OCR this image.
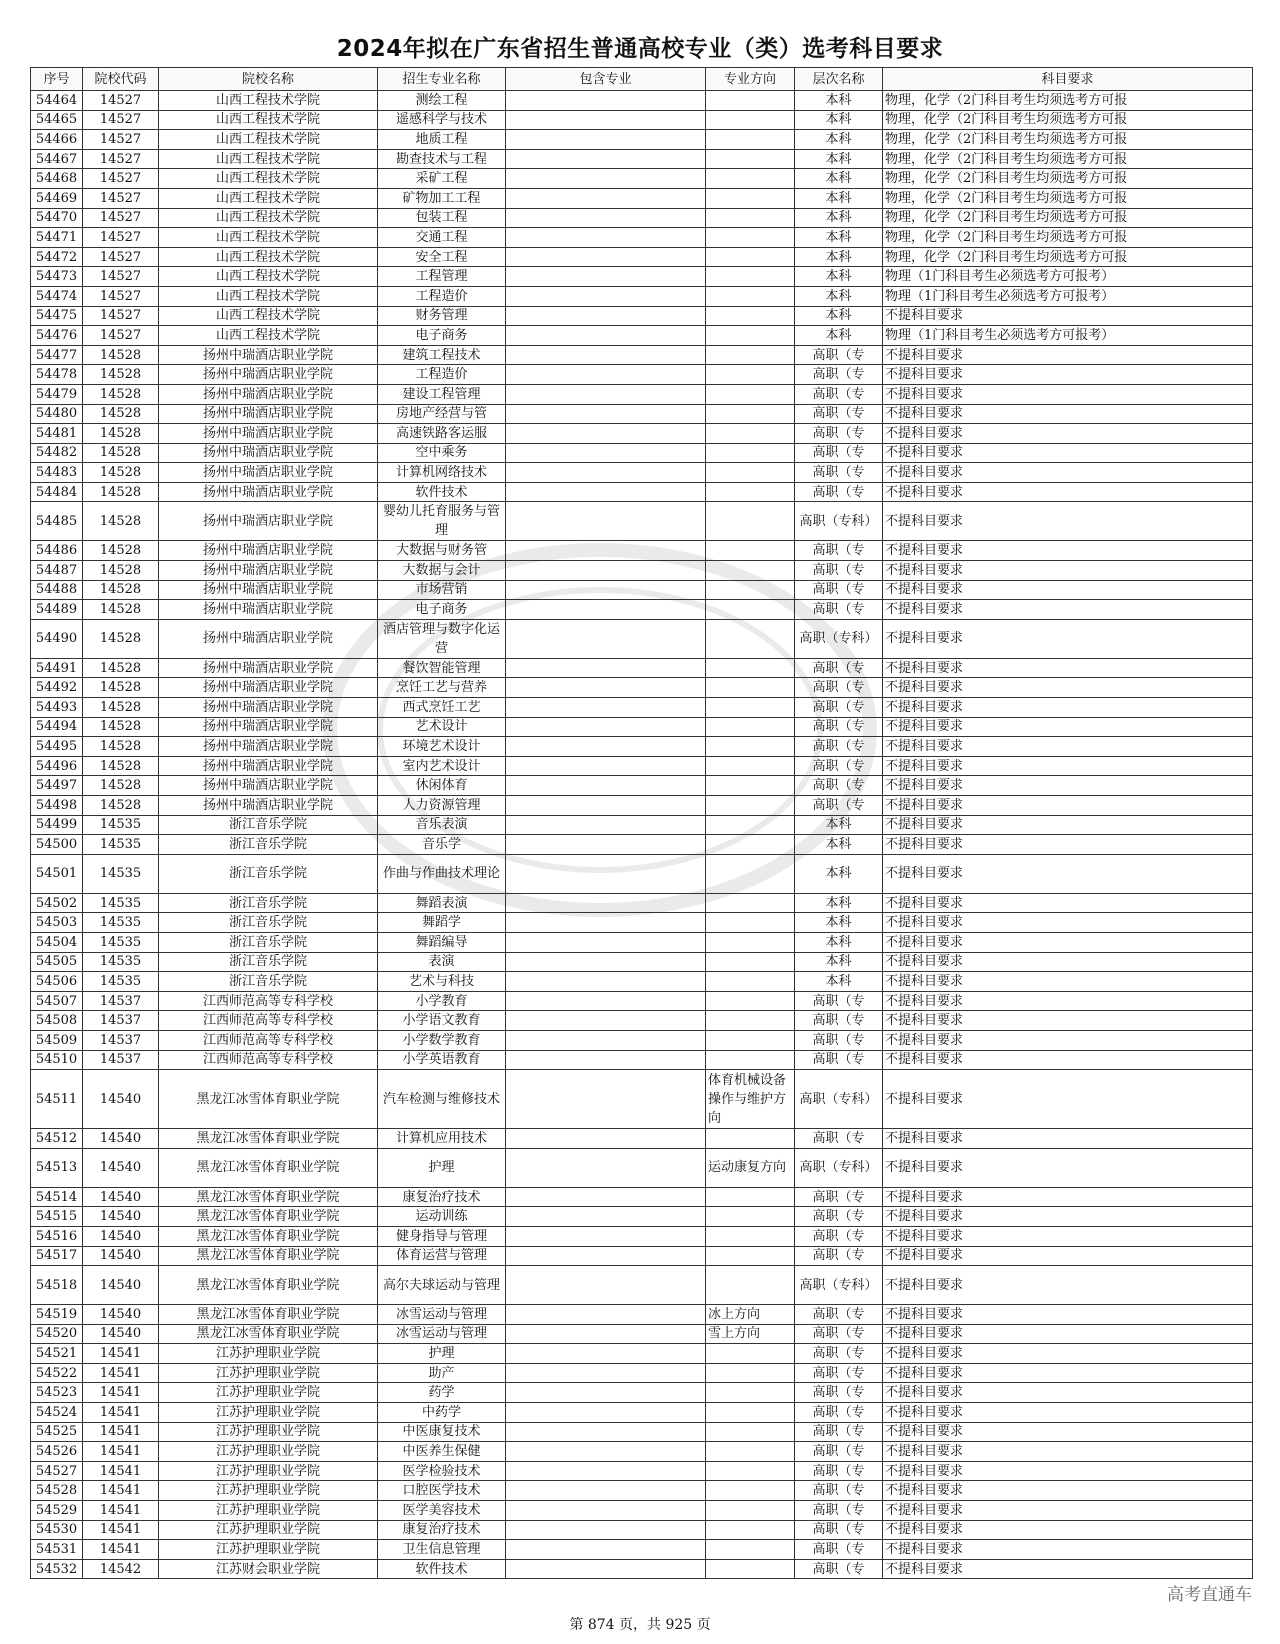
2024年拟在广东省招生普通高校专业（类）选考科目要求
序号	院校代码	院校名称	招生专业名称	包含专业	专业方向	层次名称	科目要求
54464	14527	山西工程技术学院	测绘工程			本科	物理，化学（2门科目考生均须选考方可报
54465	14527	山西工程技术学院	遥感科学与技术			本科	物理，化学（2门科目考生均须选考方可报
54466	14527	山西工程技术学院	地质工程			本科	物理，化学（2门科目考生均须选考方可报
54467	14527	山西工程技术学院	勘查技术与工程			本科	物理，化学（2门科目考生均须选考方可报
54468	14527	山西工程技术学院	采矿工程			本科	物理，化学（2门科目考生均须选考方可报
54469	14527	山西工程技术学院	矿物加工工程			本科	物理，化学（2门科目考生均须选考方可报
54470	14527	山西工程技术学院	包装工程			本科	物理，化学（2门科目考生均须选考方可报
54471	14527	山西工程技术学院	交通工程			本科	物理，化学（2门科目考生均须选考方可报
54472	14527	山西工程技术学院	安全工程			本科	物理，化学（2门科目考生均须选考方可报
54473	14527	山西工程技术学院	工程管理			本科	物理（1门科目考生必须选考方可报考）
54474	14527	山西工程技术学院	工程造价			本科	物理（1门科目考生必须选考方可报考）
54475	14527	山西工程技术学院	财务管理			本科	不提科目要求
54476	14527	山西工程技术学院	电子商务			本科	物理（1门科目考生必须选考方可报考）
54477	14528	扬州中瑞酒店职业学院	建筑工程技术			高职（专	不提科目要求
54478	14528	扬州中瑞酒店职业学院	工程造价			高职（专	不提科目要求
54479	14528	扬州中瑞酒店职业学院	建设工程管理			高职（专	不提科目要求
54480	14528	扬州中瑞酒店职业学院	房地产经营与管			高职（专	不提科目要求
54481	14528	扬州中瑞酒店职业学院	高速铁路客运服			高职（专	不提科目要求
54482	14528	扬州中瑞酒店职业学院	空中乘务			高职（专	不提科目要求
54483	14528	扬州中瑞酒店职业学院	计算机网络技术			高职（专	不提科目要求
54484	14528	扬州中瑞酒店职业学院	软件技术			高职（专	不提科目要求
54485	14528	扬州中瑞酒店职业学院	婴幼儿托育服务与管理			高职（专科）	不提科目要求
54486	14528	扬州中瑞酒店职业学院	大数据与财务管			高职（专	不提科目要求
54487	14528	扬州中瑞酒店职业学院	大数据与会计			高职（专	不提科目要求
54488	14528	扬州中瑞酒店职业学院	市场营销			高职（专	不提科目要求
54489	14528	扬州中瑞酒店职业学院	电子商务			高职（专	不提科目要求
54490	14528	扬州中瑞酒店职业学院	酒店管理与数字化运营			高职（专科）	不提科目要求
54491	14528	扬州中瑞酒店职业学院	餐饮智能管理			高职（专	不提科目要求
54492	14528	扬州中瑞酒店职业学院	烹饪工艺与营养			高职（专	不提科目要求
54493	14528	扬州中瑞酒店职业学院	西式烹饪工艺			高职（专	不提科目要求
54494	14528	扬州中瑞酒店职业学院	艺术设计			高职（专	不提科目要求
54495	14528	扬州中瑞酒店职业学院	环境艺术设计			高职（专	不提科目要求
54496	14528	扬州中瑞酒店职业学院	室内艺术设计			高职（专	不提科目要求
54497	14528	扬州中瑞酒店职业学院	休闲体育			高职（专	不提科目要求
54498	14528	扬州中瑞酒店职业学院	人力资源管理			高职（专	不提科目要求
54499	14535	浙江音乐学院	音乐表演			本科	不提科目要求
54500	14535	浙江音乐学院	音乐学			本科	不提科目要求
54501	14535	浙江音乐学院	作曲与作曲技术理论			本科	不提科目要求
54502	14535	浙江音乐学院	舞蹈表演			本科	不提科目要求
54503	14535	浙江音乐学院	舞蹈学			本科	不提科目要求
54504	14535	浙江音乐学院	舞蹈编导			本科	不提科目要求
54505	14535	浙江音乐学院	表演			本科	不提科目要求
54506	14535	浙江音乐学院	艺术与科技			本科	不提科目要求
54507	14537	江西师范高等专科学校	小学教育			高职（专	不提科目要求
54508	14537	江西师范高等专科学校	小学语文教育			高职（专	不提科目要求
54509	14537	江西师范高等专科学校	小学数学教育			高职（专	不提科目要求
54510	14537	江西师范高等专科学校	小学英语教育			高职（专	不提科目要求
54511	14540	黑龙江冰雪体育职业学院	汽车检测与维修技术		体育机械设备操作与维护方向	高职（专科）	不提科目要求
54512	14540	黑龙江冰雪体育职业学院	计算机应用技术			高职（专	不提科目要求
54513	14540	黑龙江冰雪体育职业学院	护理		运动康复方向	高职（专科）	不提科目要求
54514	14540	黑龙江冰雪体育职业学院	康复治疗技术			高职（专	不提科目要求
54515	14540	黑龙江冰雪体育职业学院	运动训练			高职（专	不提科目要求
54516	14540	黑龙江冰雪体育职业学院	健身指导与管理			高职（专	不提科目要求
54517	14540	黑龙江冰雪体育职业学院	体育运营与管理			高职（专	不提科目要求
54518	14540	黑龙江冰雪体育职业学院	高尔夫球运动与管理			高职（专科）	不提科目要求
54519	14540	黑龙江冰雪体育职业学院	冰雪运动与管理		冰上方向	高职（专	不提科目要求
54520	14540	黑龙江冰雪体育职业学院	冰雪运动与管理		雪上方向	高职（专	不提科目要求
54521	14541	江苏护理职业学院	护理			高职（专	不提科目要求
54522	14541	江苏护理职业学院	助产			高职（专	不提科目要求
54523	14541	江苏护理职业学院	药学			高职（专	不提科目要求
54524	14541	江苏护理职业学院	中药学			高职（专	不提科目要求
54525	14541	江苏护理职业学院	中医康复技术			高职（专	不提科目要求
54526	14541	江苏护理职业学院	中医养生保健			高职（专	不提科目要求
54527	14541	江苏护理职业学院	医学检验技术			高职（专	不提科目要求
54528	14541	江苏护理职业学院	口腔医学技术			高职（专	不提科目要求
54529	14541	江苏护理职业学院	医学美容技术			高职（专	不提科目要求
54530	14541	江苏护理职业学院	康复治疗技术			高职（专	不提科目要求
54531	14541	江苏护理职业学院	卫生信息管理			高职（专	不提科目要求
54532	14542	江苏财会职业学院	软件技术			高职（专	不提科目要求
第 874 页，共 925 页
高考直通车
